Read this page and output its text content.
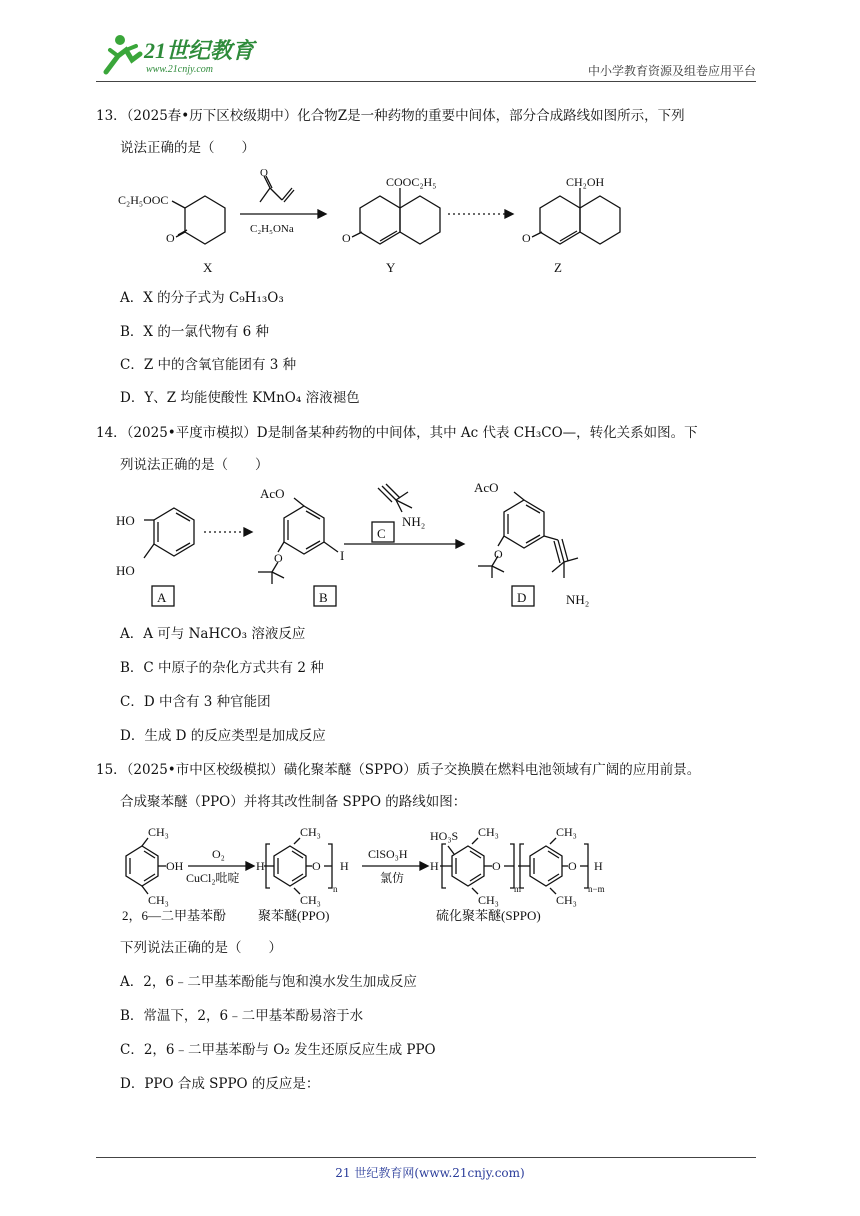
21世纪教育
www.21cnjy.com	中小学教育资源及组卷应用平台
13．（2025春•历下区校级期中）化合物Z是一种药物的重要中间体，部分合成路线如图所示，下列
说法正确的是（　　）
C₂H₅OOC
O
C₂H₅ONa
O
COOC₂H₅
O
CH₂OH
O
X	Y	Z
A．X 的分子式为 C₉H₁₃O₃
B．X 的一氯代物有 6 种
C．Z 中的含氧官能团有 3 种
D．Y、Z 均能使酸性 KMnO₄ 溶液褪色
14．（2025•平度市模拟）D是制备某种药物的中间体，其中 Ac 代表 CH₃CO—，转化关系如图。下
列说法正确的是（　　）
HO
HO
A
AcO
O	I
B
C
NH₂
AcO
O
NH₂
D
A．A 可与 NaHCO₃ 溶液反应
B．C 中原子的杂化方式共有 2 种
C．D 中含有 3 种官能团
D．生成 D 的反应类型是加成反应
15．（2025•市中区校级模拟）磺化聚苯醚（SPPO）质子交换膜在燃料电池领域有广阔的应用前景。
合成聚苯醚（PPO）并将其改性制备 SPPO 的路线如图：
CH₃
OH
CH₃
O₂
CuCl₂吡啶
H	O
CH₃
CH₃
n
H
ClSO₃H
氯仿
H
HO₃S CH₃
CH₃
O
m
CH₃
CH₃
O
n−m
H
2，6—二甲基苯酚 聚苯醚(PPO)	硫化聚苯醚(SPPO)
下列说法正确的是（　　）
A．2，6﹣二甲基苯酚能与饱和溴水发生加成反应
B．常温下，2，6﹣二甲基苯酚易溶于水
C．2，6﹣二甲基苯酚与 O₂ 发生还原反应生成 PPO
D．PPO 合成 SPPO 的反应是：
21 世纪教育网(www.21cnjy.com)
